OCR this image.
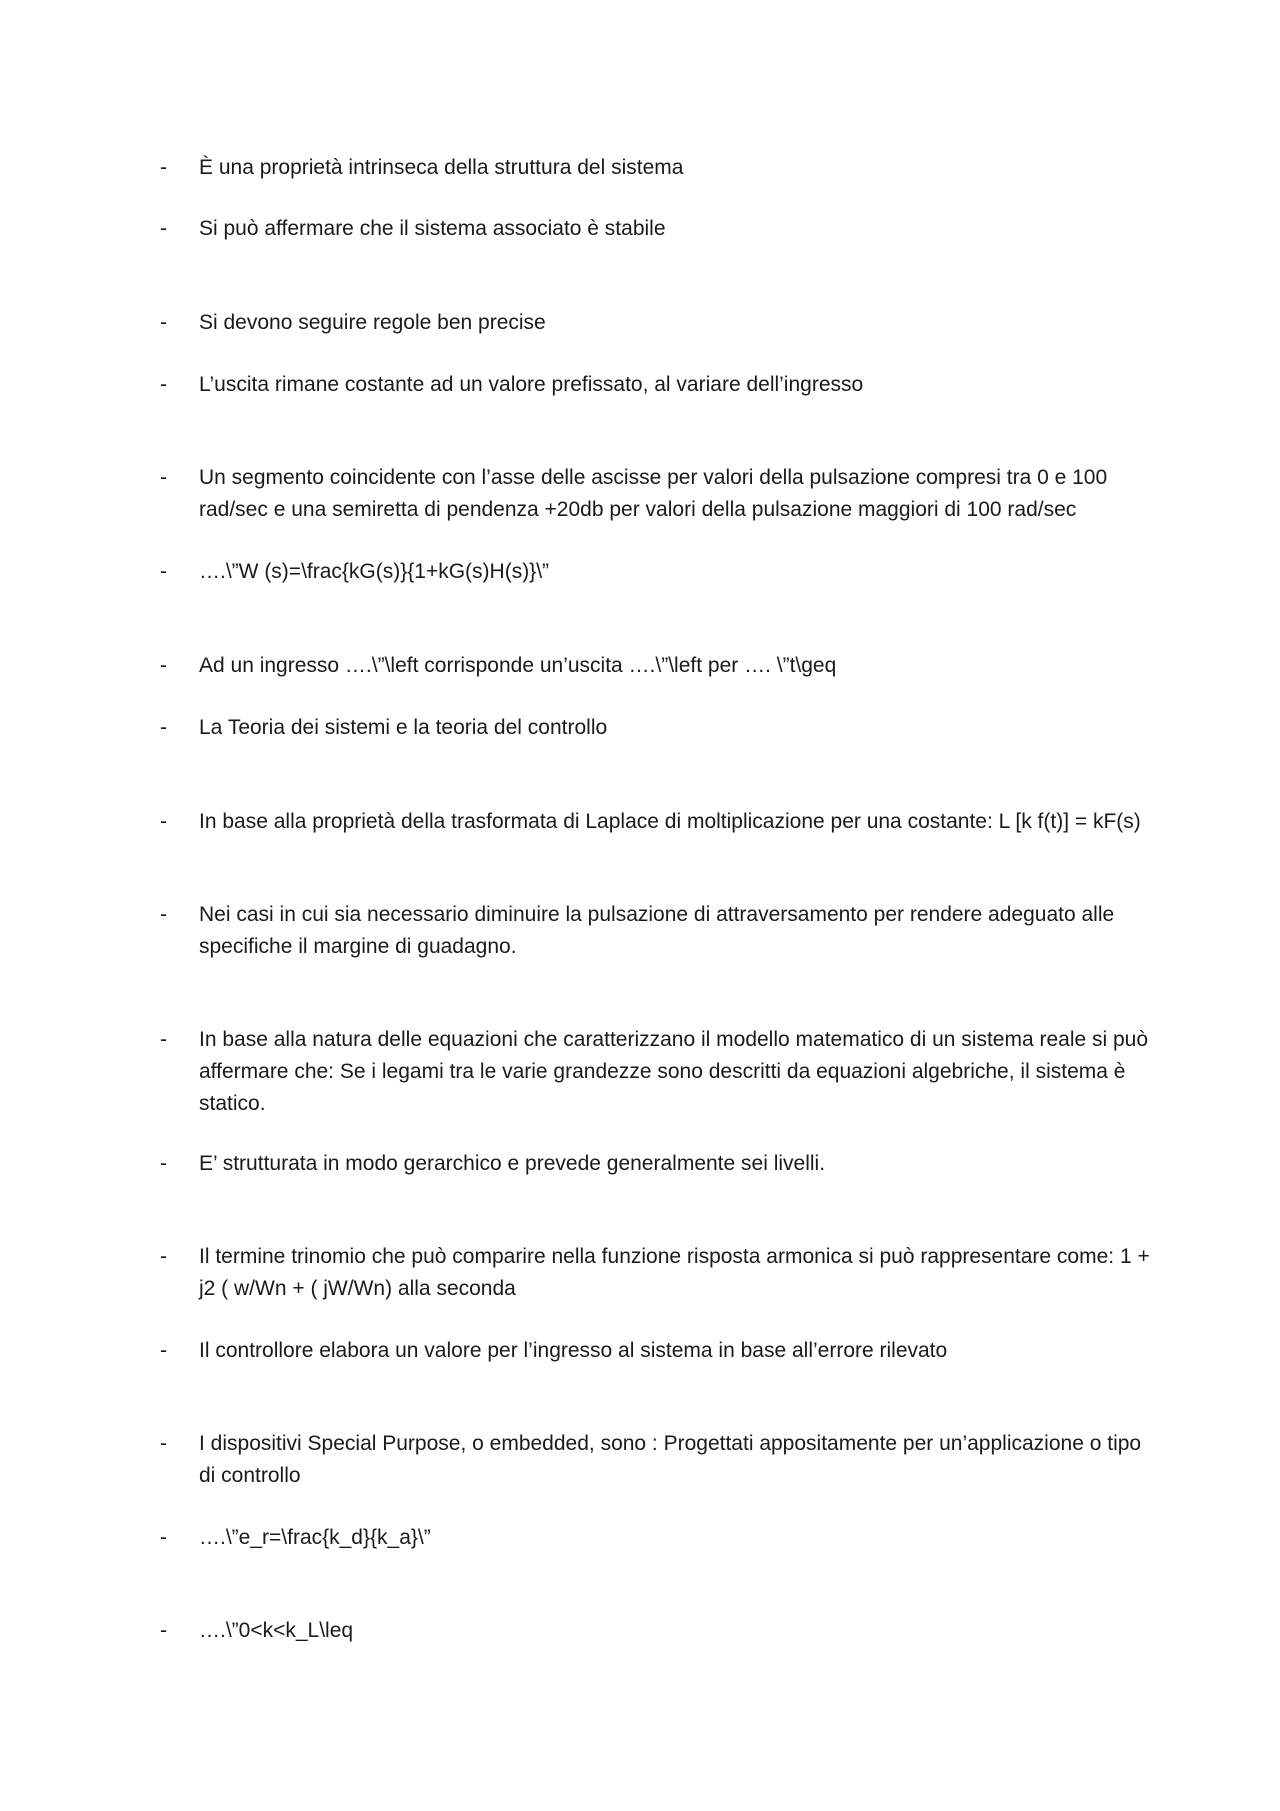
-	È una proprietà intrinseca della struttura del sistema
-	Si può affermare che il sistema associato è stabile
-	Si devono seguire regole ben precise
-	L’uscita rimane costante ad un valore prefissato, al variare dell’ingresso
-	Un segmento coincidente con l’asse delle ascisse per valori della pulsazione compresi tra 0 e 100 rad/sec e una semiretta di pendenza +20db per valori della pulsazione maggiori di 100 rad/sec
-	….\”W (s)=\frac{kG(s)}{1+kG(s)H(s)}\”
-	Ad un ingresso ….\”\left corrisponde un’uscita ….\”\left per …. \”t\geq
-	La Teoria dei sistemi e la teoria del controllo
-	In base alla proprietà della trasformata di Laplace di moltiplicazione per una costante: L [k f(t)] = kF(s)
-	Nei casi in cui sia necessario diminuire la pulsazione di attraversamento per rendere adeguato alle specifiche il margine di guadagno.
-	In base alla natura delle equazioni che caratterizzano il modello matematico di un sistema reale si può affermare che: Se i legami tra le varie grandezze sono descritti da equazioni algebriche, il sistema è statico.
-	E’ strutturata in modo gerarchico e prevede generalmente sei livelli.
-	Il termine trinomio che può comparire nella funzione risposta armonica si può rappresentare come: 1 + j2 ( w/Wn + ( jW/Wn) alla seconda
-	Il controllore elabora un valore per l’ingresso al sistema in base all’errore rilevato
-	I dispositivi Special Purpose, o embedded, sono : Progettati appositamente per un’applicazione o tipo di controllo
-	….\”e_r=\frac{k_d}{k_a}\”
-	….\”0<k<k_L\leq
